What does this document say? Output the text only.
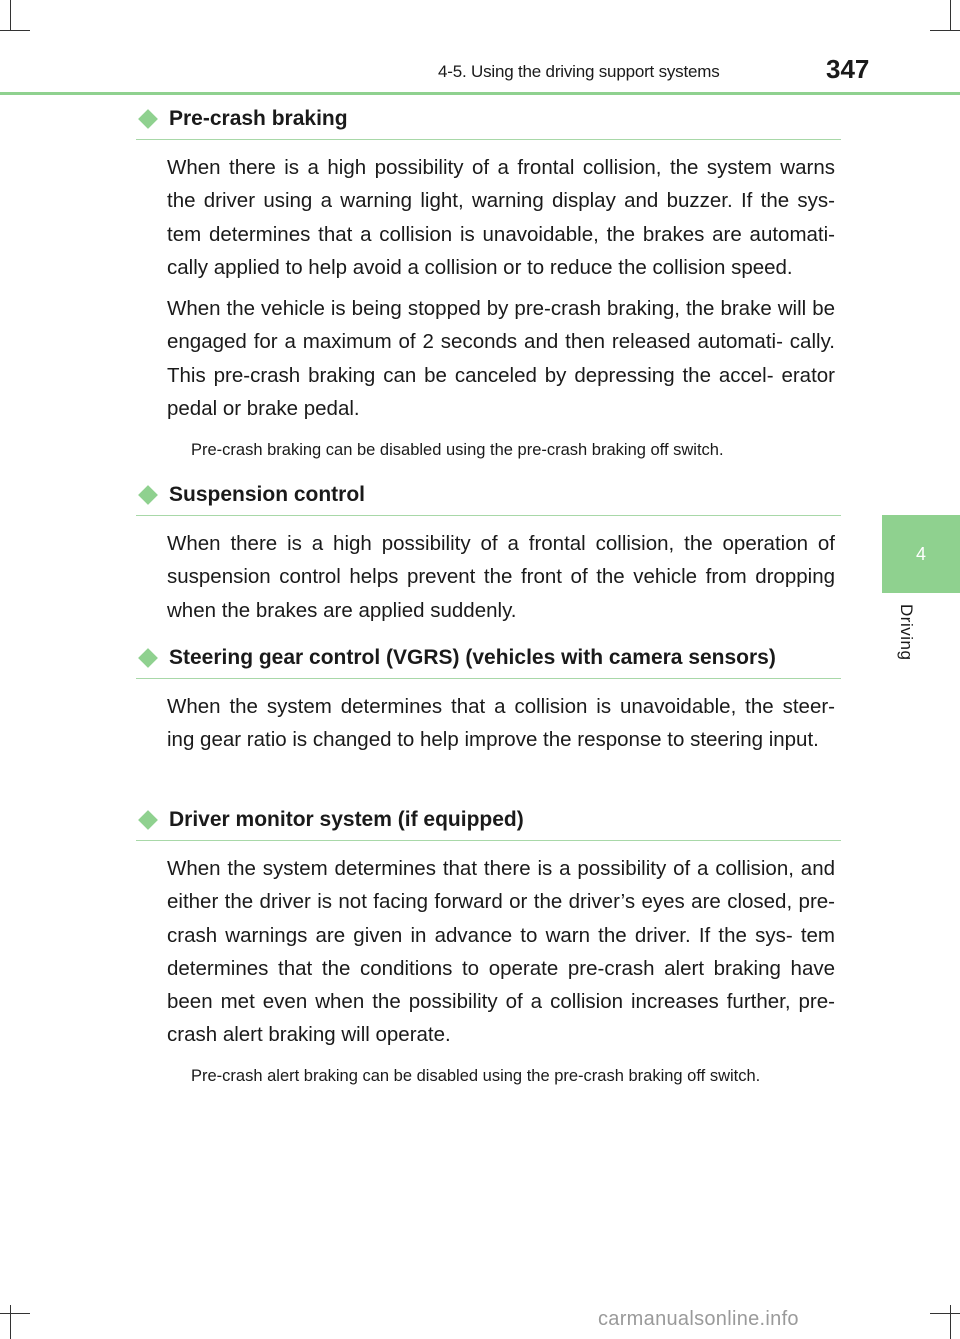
4-5. Using the driving support systems	347
4
Driving
Pre-crash braking

When there is a high possibility of a frontal collision, the system warns the driver using a warning light, warning display and buzzer. If the sys- tem determines that a collision is unavoidable, the brakes are automati- cally applied to help avoid a collision or to reduce the collision speed.

When the vehicle is being stopped by pre-crash braking, the brake will be engaged for a maximum of 2 seconds and then released automati- cally. This pre-crash braking can be canceled by depressing the accel- erator pedal or brake pedal.

Pre-crash braking can be disabled using the pre-crash braking off switch.

Suspension control

When there is a high possibility of a frontal collision, the operation of suspension control helps prevent the front of the vehicle from dropping when the brakes are applied suddenly.

Steering gear control (VGRS) (vehicles with camera sensors)

When the system determines that a collision is unavoidable, the steer- ing gear ratio is changed to help improve the response to steering input.

Driver monitor system (if equipped)

When the system determines that there is a possibility of a collision, and either the driver is not facing forward or the driver’s eyes are closed, pre-crash warnings are given in advance to warn the driver. If the sys- tem determines that the conditions to operate pre-crash alert braking have been met even when the possibility of a collision increases further, pre-crash alert braking will operate.

Pre-crash alert braking can be disabled using the pre-crash braking off switch.

carmanualsonline.info
